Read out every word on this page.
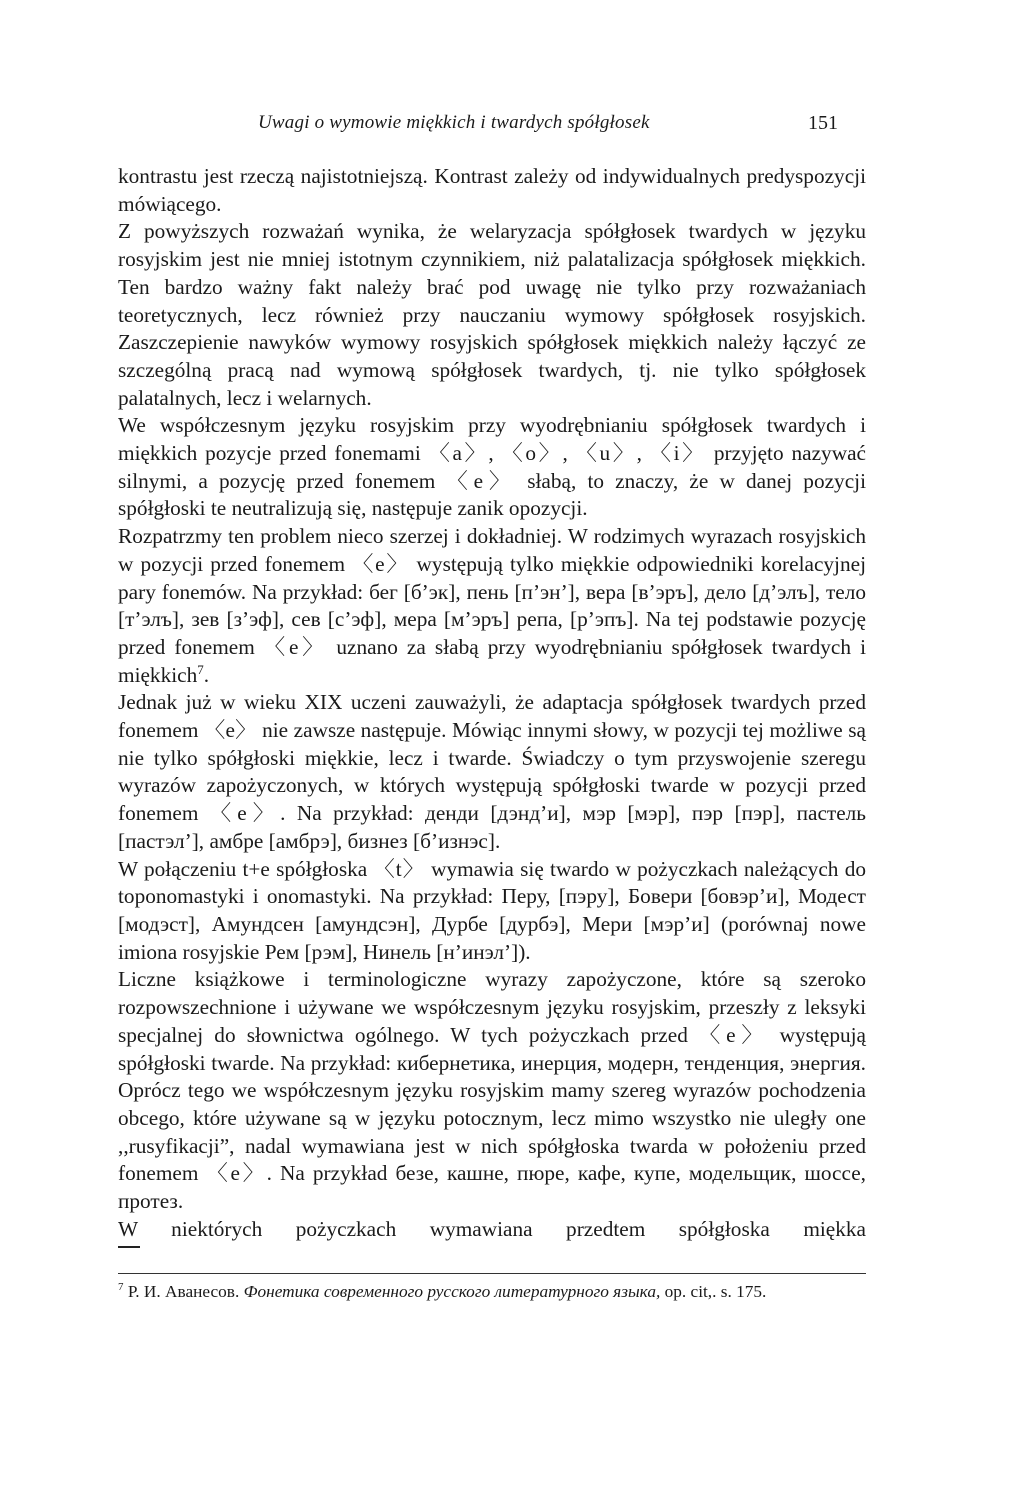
Uwagi o wymowie miękkich i twardych spółgłosek	151

kontrastu jest rzeczą najistotniejszą. Kontrast zależy od indywidualnych predyspozycji mówiącego.

Z powyższych rozważań wynika, że welaryzacja spółgłosek twardych w języku rosyjskim jest nie mniej istotnym czynnikiem, niż palatalizacja spółgłosek miękkich. Ten bardzo ważny fakt należy brać pod uwagę nie tylko przy rozważaniach teoretycznych, lecz również przy nauczaniu wymowy spółgłosek rosyjskich. Zaszczepienie nawyków wymowy rosyjskich spółgłosek miękkich należy łączyć ze szczególną pracą nad wymową spółgłosek twardych, tj. nie tylko spółgłosek palatalnych, lecz i welarnych.

We współczesnym języku rosyjskim przy wyodrębnianiu spółgłosek twardych i miękkich pozycje przed fonemami 〈a〉, 〈o〉, 〈u〉, 〈i〉 przyjęto nazywać silnymi, a pozycję przed fonemem 〈e〉 słabą, to znaczy, że w danej pozycji spółgłoski te neutralizują się, następuje zanik opozycji.

Rozpatrzmy ten problem nieco szerzej i dokładniej. W rodzimych wyrazach rosyjskich w pozycji przed fonemem 〈e〉 występują tylko miękkie odpowiedniki korelacyjnej pary fonemów. Na przykład: бег [б’эк], пень [п’эн’], вера [в’эръ], дело [д’элъ], тело [т’элъ], зев [з’эф], сев [с’эф], мера [м’эръ] репа, [р’эпъ]. Na tej podstawie pozycję przed fonemem 〈e〉 uznano za słabą przy wyodrębnianiu spółgłosek twardych i miękkich$^7$.

Jednak już w wieku XIX uczeni zauważyli, że adaptacja spółgłosek twardych przed fonemem 〈e〉 nie zawsze następuje. Mówiąc innymi słowy, w pozycji tej możliwe są nie tylko spółgłoski miękkie, lecz i twarde. Świadczy o tym przyswojenie szeregu wyrazów zapożyczonych, w których występują spółgłoski twarde w pozycji przed fonemem 〈e〉. Na przykład: денди [дэнд’и], мэр [мэр], пэр [пэр], пастель [пастэл’], амбре [амбрэ], бизнез [б’изнэс].

W połączeniu t+e spółgłoska 〈t〉 wymawia się twardo w pożyczkach należących do toponomastyki i onomastyki. Na przykład: Перу, [пэру], Бовери [бовэр’и], Модест [модэст], Амундсен [амундсэн], Дурбе [дурбэ], Мери [мэр’и] (porównaj nowe imiona rosyjskie Рем [рэм], Нинель [н’инэл’]).

Liczne książkowe i terminologiczne wyrazy zapożyczone, które są szeroko rozpowszechnione i używane we współczesnym języku rosyjskim, przeszły z leksyki specjalnej do słownictwa ogólnego. W tych pożyczkach przed 〈e〉 występują spółgłoski twarde. Na przykład: кибернетика, инерция, модерн, тенденция, энергия. Oprócz tego we współczesnym języku rosyjskim mamy szereg wyrazów pochodzenia obcego, które używane są w języku potocznym, lecz mimo wszystko nie uległy one ,,rusyfikacji”, nadal wymawiana jest w nich spółgłoska twarda w położeniu przed fonemem 〈e〉. Na przykład безе, кашне, пюре, кафе, купе, модельщик, шоссе, протез.

W niektórych pożyczkach wymawiana przedtem spółgłoska miękka

$^7$ Р. И. Аванесов. Фонетика современного русского литературного языка, op. cit,. s. 175.
